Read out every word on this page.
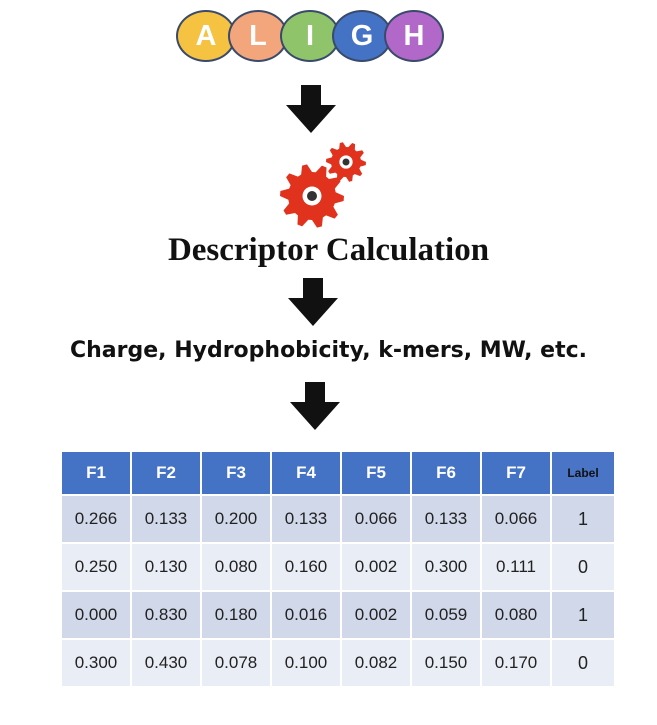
A	L	I	G	H
Descriptor Calculation
Charge, Hydrophobicity, k-mers, MW, etc.
F1	F2	F3	F4	F5	F6	F7	Label
0.266	0.133	0.200	0.133	0.066	0.133	0.066	1
0.250	0.130	0.080	0.160	0.002	0.300	0.111	0
0.000	0.830	0.180	0.016	0.002	0.059	0.080	1
0.300	0.430	0.078	0.100	0.082	0.150	0.170	0
